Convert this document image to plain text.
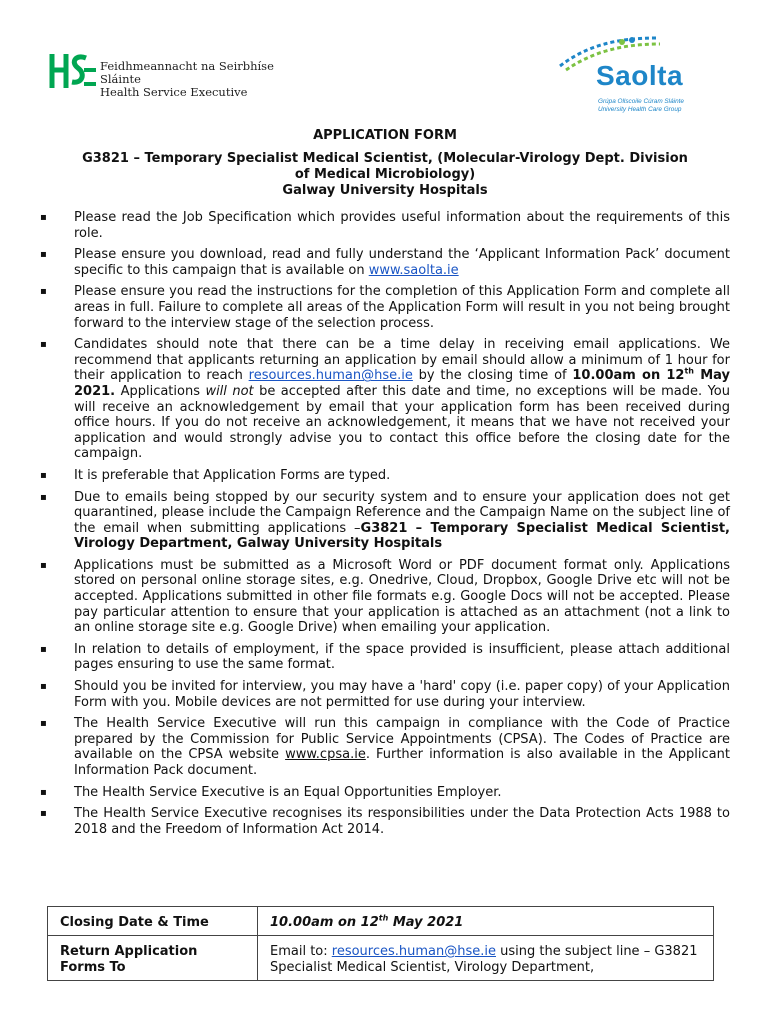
Feidhmeannacht na Seirbhíse Sláinte
Health Service Executive
Saolta
Grúpa Ollscoile Cúram Sláinte
University Health Care Group
APPLICATION FORM
G3821 – Temporary Specialist Medical Scientist, (Molecular-Virology Dept. Division
of Medical Microbiology)
Galway University Hospitals
▪ Please read the Job Specification which provides useful information about the requirements of this role.
▪ Please ensure you download, read and fully understand the ‘Applicant Information Pack’ document specific to this campaign that is available on www.saolta.ie
▪ Please ensure you read the instructions for the completion of this Application Form and complete all areas in full. Failure to complete all areas of the Application Form will result in you not being brought forward to the interview stage of the selection process.
▪ Candidates should note that there can be a time delay in receiving email applications. We recommend that applicants returning an application by email should allow a minimum of 1 hour for their application to reach resources.human@hse.ie by the closing time of 10.00am on 12th May 2021. Applications will not be accepted after this date and time, no exceptions will be made. You will receive an acknowledgement by email that your application form has been received during office hours. If you do not receive an acknowledgement, it means that we have not received your application and would strongly advise you to contact this office before the closing date for the campaign.
▪ It is preferable that Application Forms are typed.
▪ Due to emails being stopped by our security system and to ensure your application does not get quarantined, please include the Campaign Reference and the Campaign Name on the subject line of the email when submitting applications –G3821 – Temporary Specialist Medical Scientist, Virology Department, Galway University Hospitals
▪ Applications must be submitted as a Microsoft Word or PDF document format only. Applications stored on personal online storage sites, e.g. Onedrive, Cloud, Dropbox, Google Drive etc will not be accepted. Applications submitted in other file formats e.g. Google Docs will not be accepted. Please pay particular attention to ensure that your application is attached as an attachment (not a link to an online storage site e.g. Google Drive) when emailing your application.
▪ In relation to details of employment, if the space provided is insufficient, please attach additional pages ensuring to use the same format.
▪ Should you be invited for interview, you may have a 'hard' copy (i.e. paper copy) of your Application Form with you. Mobile devices are not permitted for use during your interview.
▪ The Health Service Executive will run this campaign in compliance with the Code of Practice prepared by the Commission for Public Service Appointments (CPSA). The Codes of Practice are available on the CPSA website www.cpsa.ie. Further information is also available in the Applicant Information Pack document.
▪ The Health Service Executive is an Equal Opportunities Employer.
▪ The Health Service Executive recognises its responsibilities under the Data Protection Acts 1988 to 2018 and the Freedom of Information Act 2014.
Closing Date & Time	10.00am on 12th May 2021
Return Application Forms To	Email to: resources.human@hse.ie using the subject line – G3821 Specialist Medical Scientist, Virology Department,
